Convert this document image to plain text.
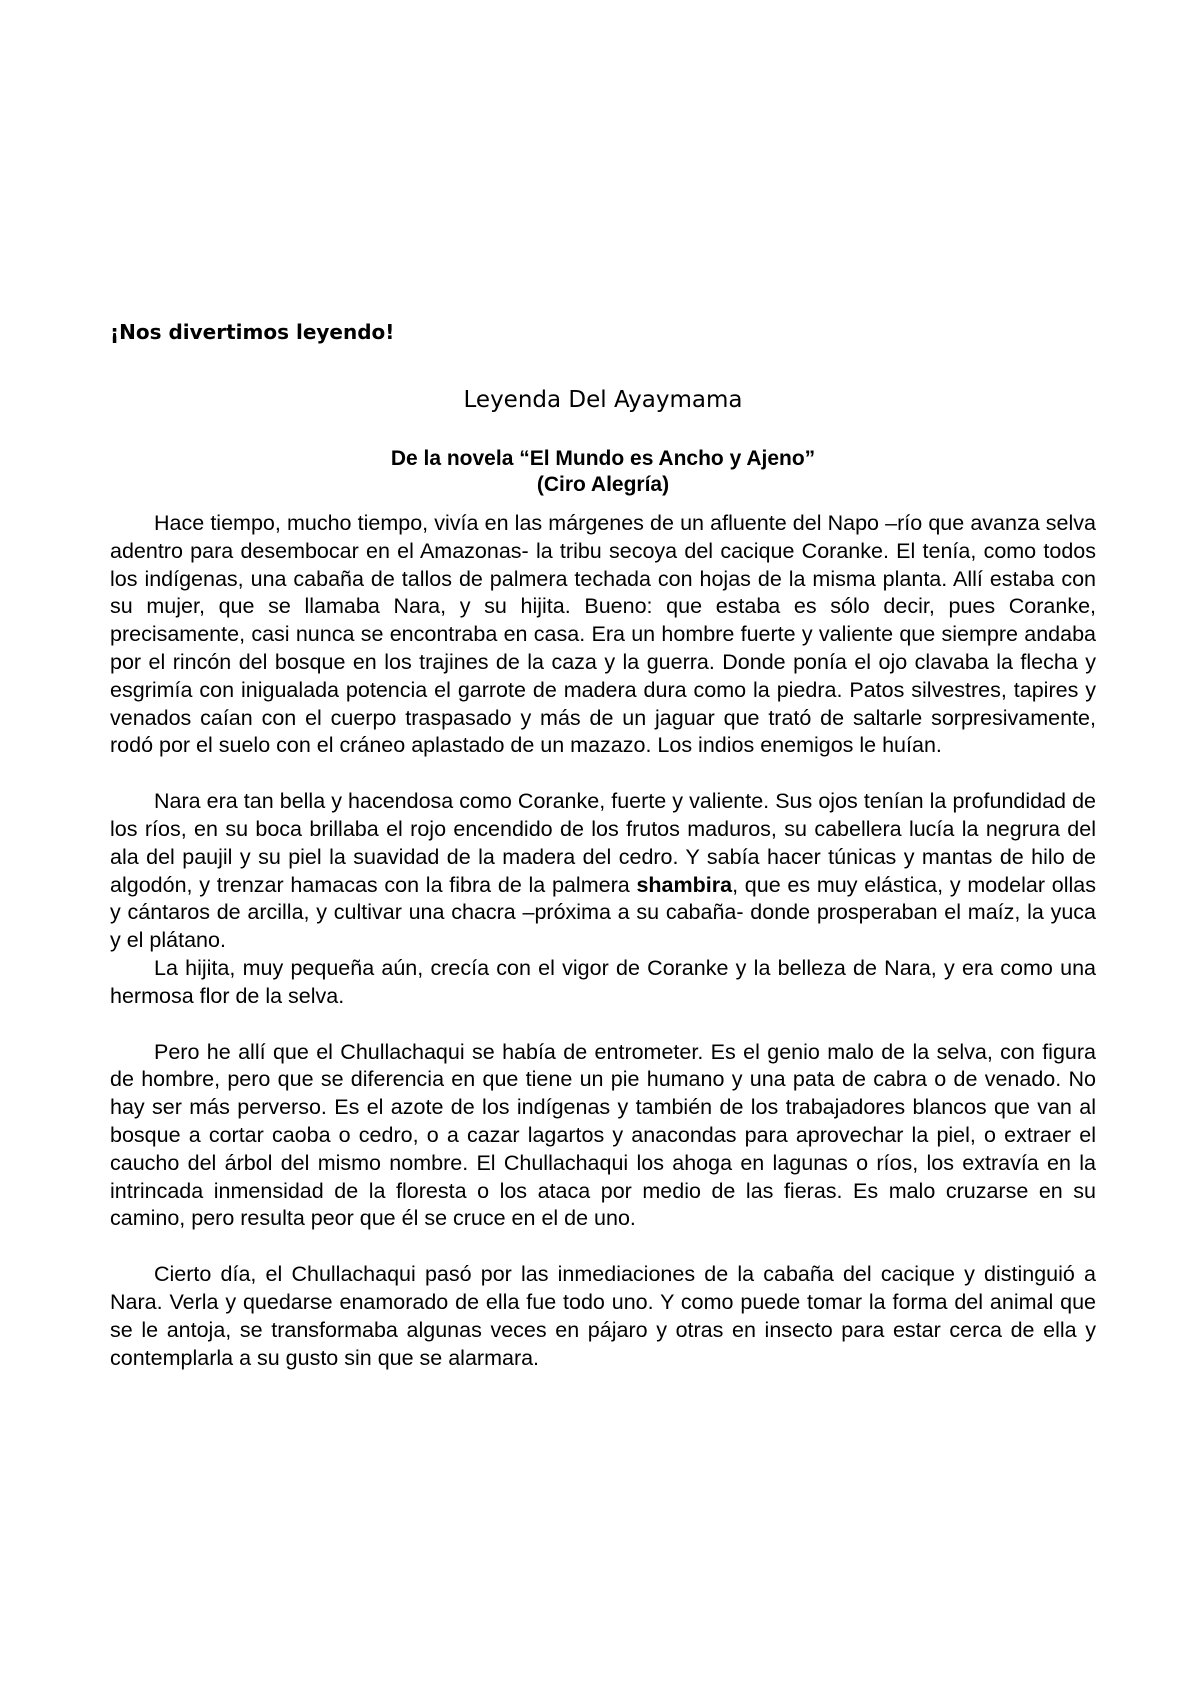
¡Nos divertimos leyendo!
Leyenda Del Ayaymama
De la novela “El Mundo es Ancho y Ajeno”
(Ciro Alegría)

Hace tiempo, mucho tiempo, vivía en las márgenes de un afluente del Napo –río que avanza selva adentro para desembocar en el Amazonas- la tribu secoya del cacique Coranke. El tenía, como todos los indígenas, una cabaña de tallos de palmera techada con hojas de la misma planta. Allí estaba con su mujer, que se llamaba Nara, y su hijita. Bueno: que estaba es sólo decir, pues Coranke, precisamente, casi nunca se encontraba en casa. Era un hombre fuerte y valiente que siempre andaba por el rincón del bosque en los trajines de la caza y la guerra. Donde ponía el ojo clavaba la flecha y esgrimía con inigualada potencia el garrote de madera dura como la piedra. Patos silvestres, tapires y venados caían con el cuerpo traspasado y más de un jaguar que trató de saltarle sorpresivamente, rodó por el suelo con el cráneo aplastado de un mazazo. Los indios enemigos le huían.

Nara era tan bella y hacendosa como Coranke, fuerte y valiente. Sus ojos tenían la profundidad de los ríos, en su boca brillaba el rojo encendido de los frutos maduros, su cabellera lucía la negrura del ala del paujil y su piel la suavidad de la madera del cedro. Y sabía hacer túnicas y mantas de hilo de algodón, y trenzar hamacas con la fibra de la palmera shambira, que es muy elástica, y modelar ollas y cántaros de arcilla, y cultivar una chacra –próxima a su cabaña- donde prosperaban el maíz, la yuca y el plátano.

La hijita, muy pequeña aún, crecía con el vigor de Coranke y la belleza de Nara, y era como una hermosa flor de la selva.

Pero he allí que el Chullachaqui se había de entrometer. Es el genio malo de la selva, con figura de hombre, pero que se diferencia en que tiene un pie humano y una pata de cabra o de venado. No hay ser más perverso. Es el azote de los indígenas y también de los trabajadores blancos que van al bosque a cortar caoba o cedro, o a cazar lagartos y anacondas para aprovechar la piel, o extraer el caucho del árbol del mismo nombre. El Chullachaqui los ahoga en lagunas o ríos, los extravía en la intrincada inmensidad de la floresta o los ataca por medio de las fieras. Es malo cruzarse en su camino, pero resulta peor que él se cruce en el de uno.

Cierto día, el Chullachaqui pasó por las inmediaciones de la cabaña del cacique y distinguió a Nara. Verla y quedarse enamorado de ella fue todo uno. Y como puede tomar la forma del animal que se le antoja, se transformaba algunas veces en pájaro y otras en insecto para estar cerca de ella y contemplarla a su gusto sin que se alarmara.
